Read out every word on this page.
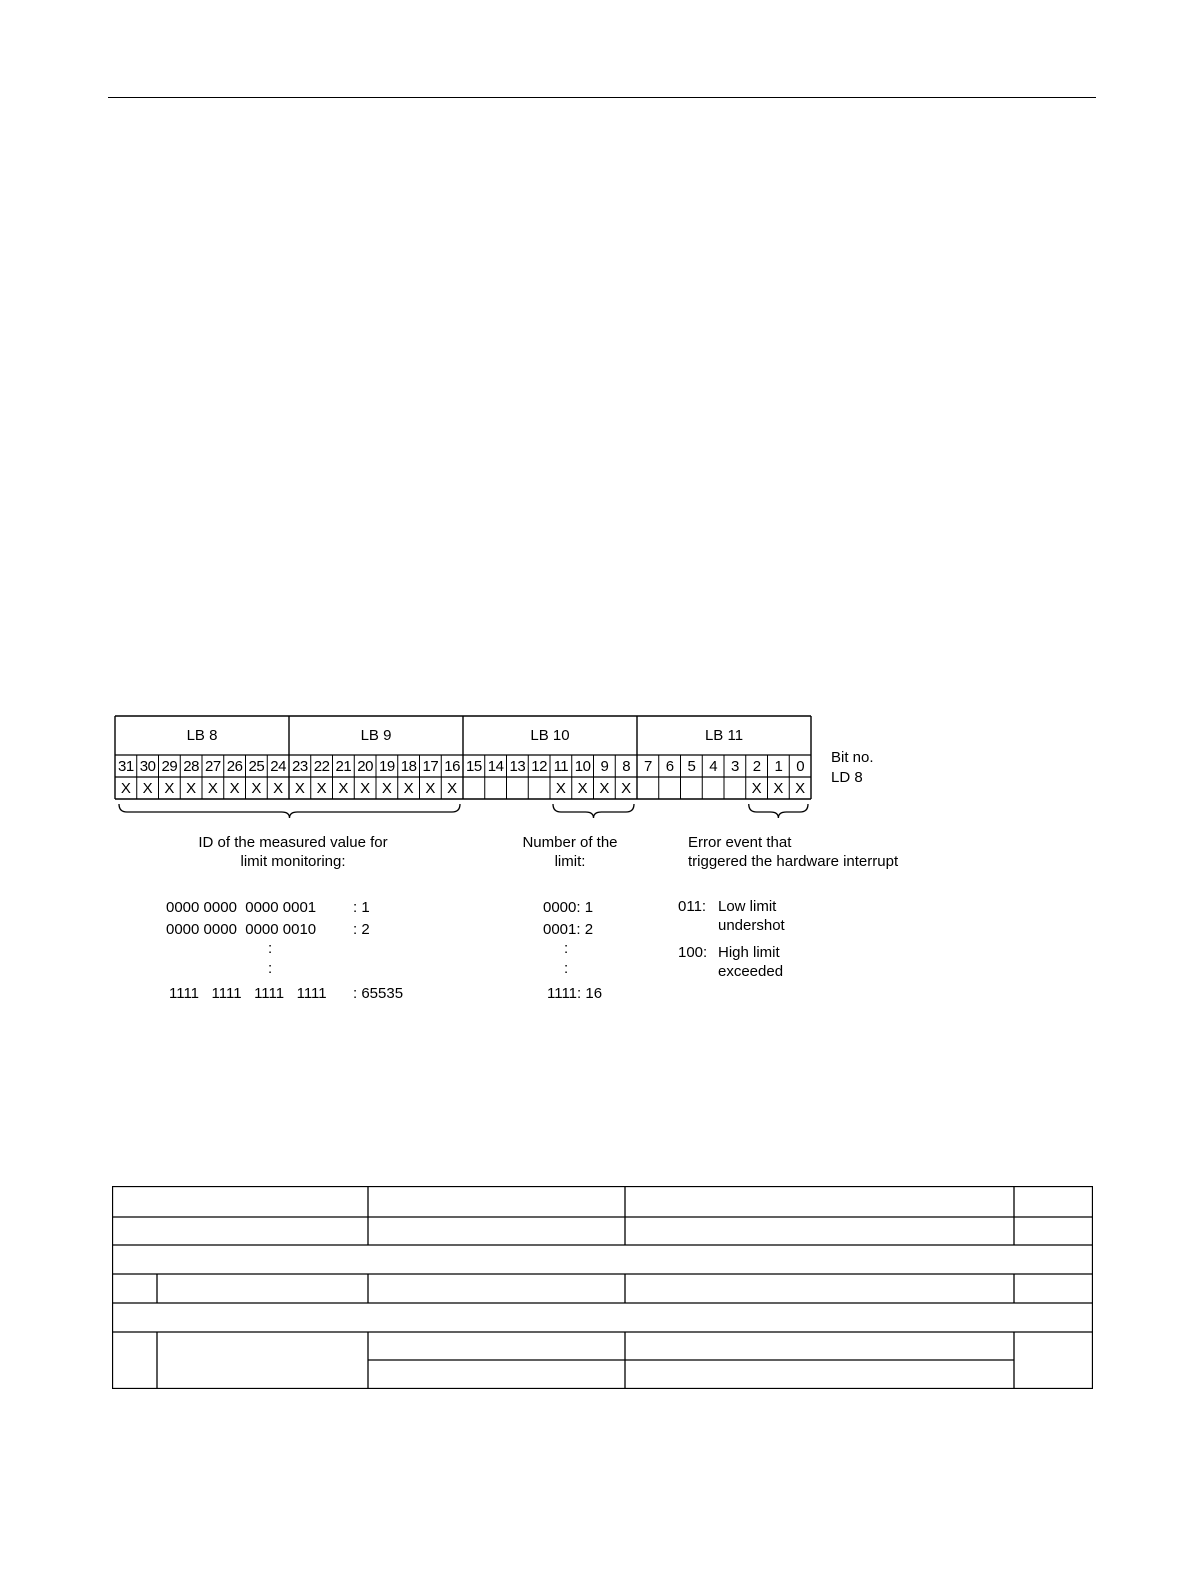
LB 8	LB 9	LB 10	LB 11
31 30 29 28 27 26 25 24 23 22 21 20 19 18 17 16 15 14 13 12 11 10 9 8 7 6 5 4 3 2 1 0
X X X X X X X X X X X X X X X X	X X X X	X X X
Bit no.
LD 8
ID of the measured value for
limit monitoring:
0000 0000  0000 0001 : 1
0000 0000  0000 0010 : 2
:
:
1111   1111   1111   1111 : 65535
Number of the
limit:
0000: 1
0001: 2
:
:
1111: 16
Error event that
triggered the hardware interrupt
011: Low limit
undershot
100: High limit
exceeded
